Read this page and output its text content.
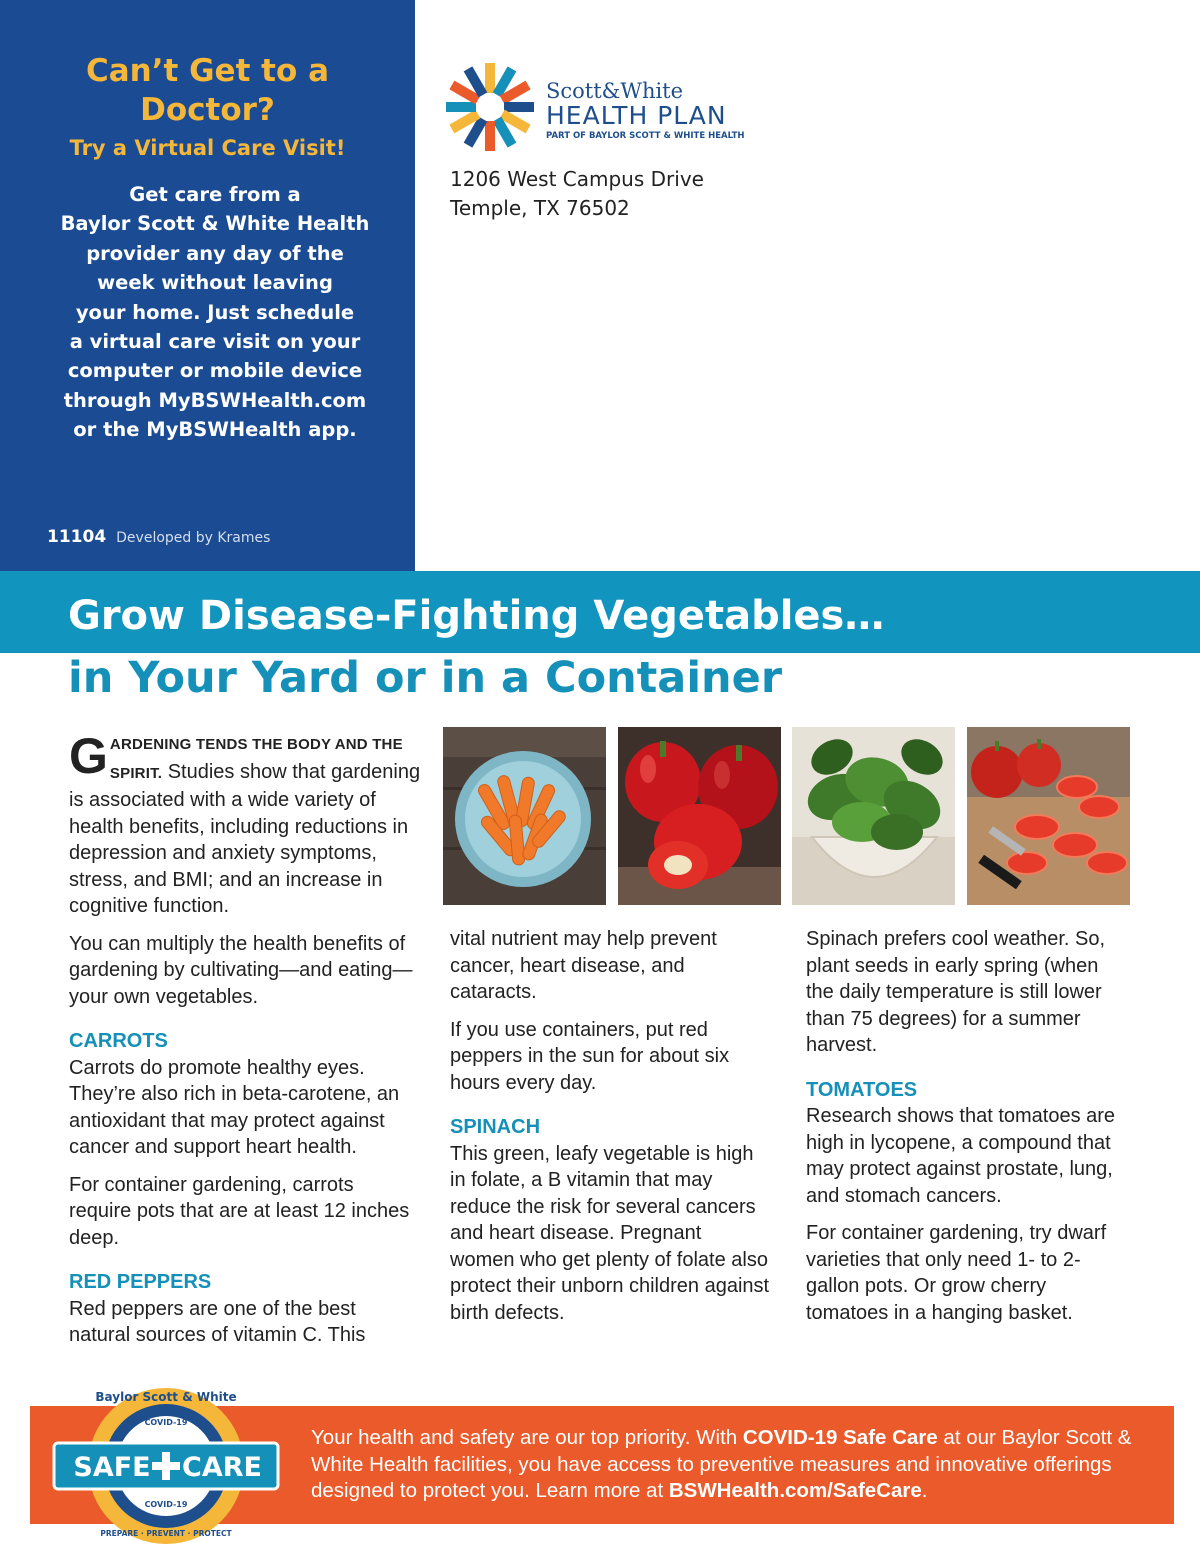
Can’t Get to a
Doctor?
Try a Virtual Care Visit!
Get care from a
Baylor Scott & White Health
provider any day of the
week without leaving
your home. Just schedule
a virtual care visit on your
computer or mobile device
through MyBSWHealth.com
or the MyBSWHealth app.
11104 Developed by Krames
Scott&White
HEALTH PLAN
PART OF BAYLOR SCOTT & WHITE HEALTH
1206 West Campus Drive
Temple, TX 76502
Grow Disease-Fighting Vegetables…
in Your Yard or in a Container

GARDENING TENDS THE BODY AND THE SPIRIT. Studies show that gardening is associated with a wide variety of health benefits, including reductions in depression and anxiety symptoms, stress, and BMI; and an increase in cognitive function.

You can multiply the health benefits of gardening by cultivating—and eating—your own vegetables.

CARROTS

Carrots do promote healthy eyes. They’re also rich in beta-carotene, an antioxidant that may protect against cancer and support heart health.

For container gardening, carrots require pots that are at least 12 inches deep.

RED PEPPERS

Red peppers are one of the best natural sources of vitamin C. This

vital nutrient may help prevent cancer, heart disease, and cataracts.

If you use containers, put red peppers in the sun for about six hours every day.

SPINACH

This green, leafy vegetable is high in folate, a B vitamin that may reduce the risk for several cancers and heart disease. Pregnant women who get plenty of folate also protect their unborn children against birth defects.

Spinach prefers cool weather. So, plant seeds in early spring (when the daily temperature is still lower than 75 degrees) for a summer harvest.

TOMATOES

Research shows that tomatoes are high in lycopene, a compound that may protect against prostate, lung, and stomach cancers.

For container gardening, try dwarf varieties that only need 1- to 2-gallon pots. Or grow cherry tomatoes in a hanging basket.

Baylor Scott & White
COVID-19
SAFE CARE
COVID-19
PREPARE · PREVENT · PROTECT

Your health and safety are our top priority. With COVID-19 Safe Care at our Baylor Scott & White Health facilities, you have access to preventive measures and innovative offerings designed to protect you. Learn more at BSWHealth.com/SafeCare.
